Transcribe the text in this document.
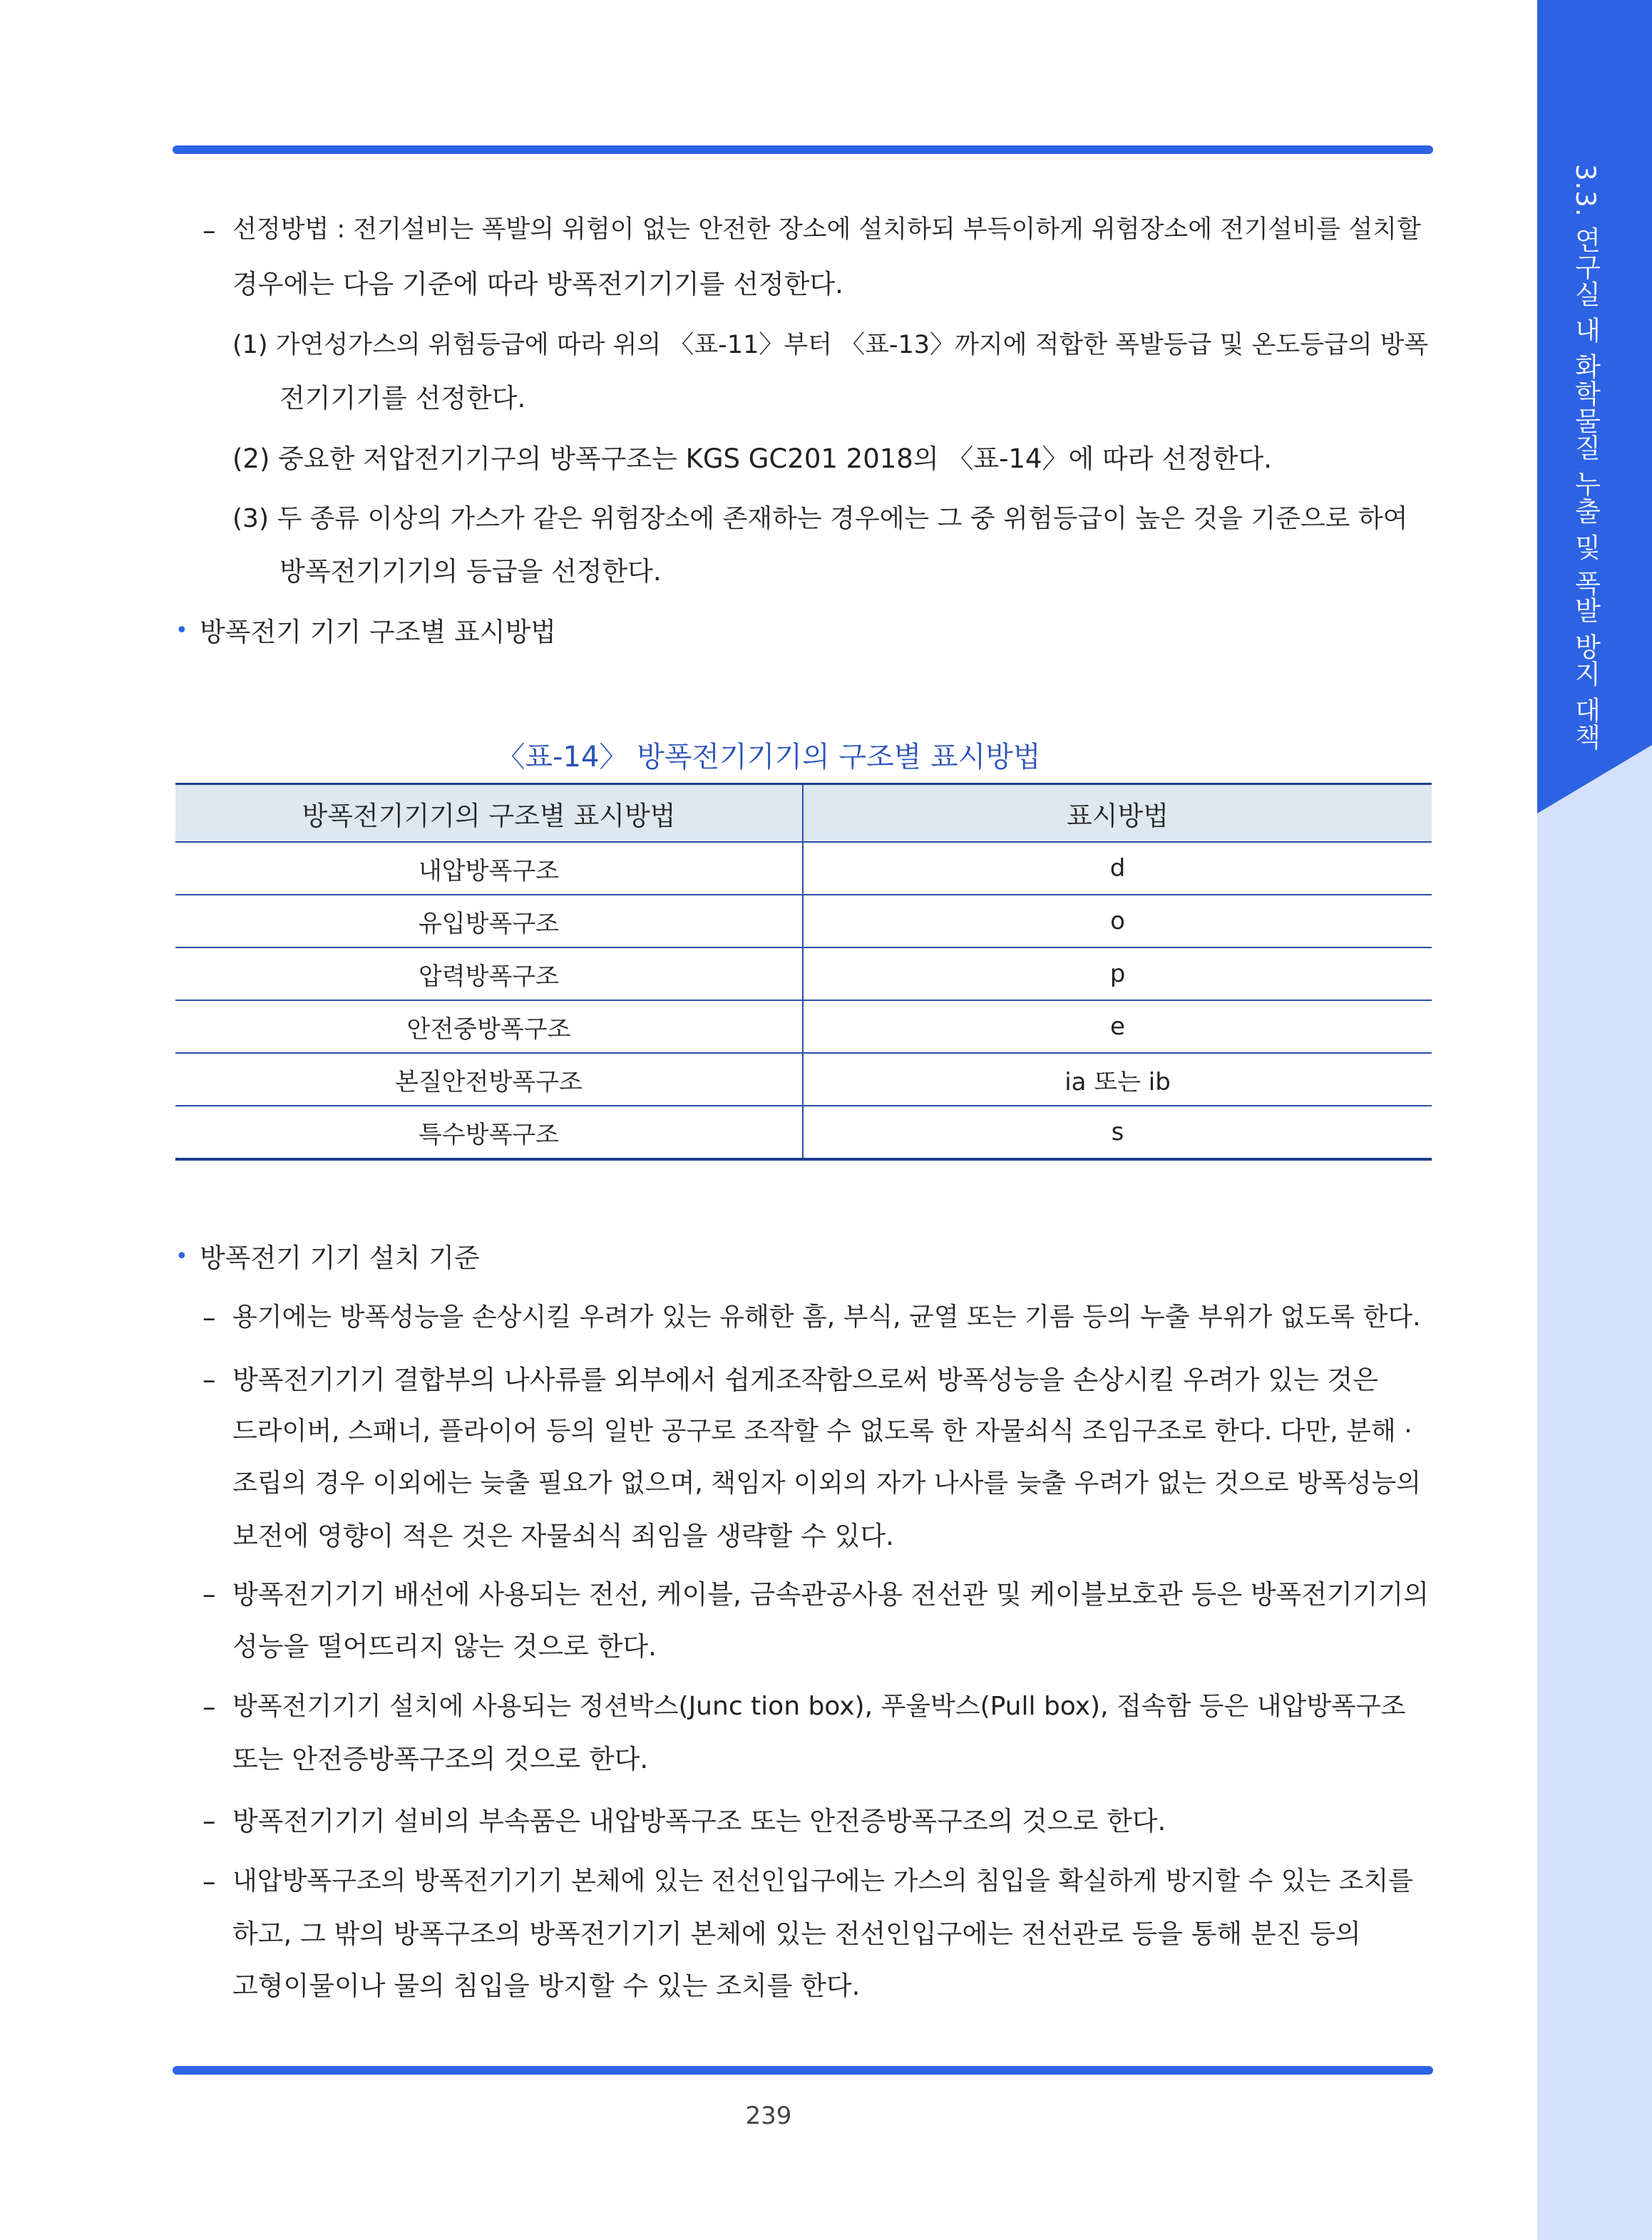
3.3. 연구실 내 화학물질 누출 및 폭발 방지 대책
– 선정방법 : 전기설비는 폭발의 위험이 없는 안전한 장소에 설치하되 부득이하게 위험장소에 전기설비를 설치할
경우에는 다음 기준에 따라 방폭전기기기를 선정한다.
(1) 가연성가스의 위험등급에 따라 위의 〈표-11〉부터 〈표-13〉까지에 적합한 폭발등급 및 온도등급의 방폭
전기기기를 선정한다.
(2) 중요한 저압전기기구의 방폭구조는 KGS GC201 2018의 〈표-14〉에 따라 선정한다.
(3) 두 종류 이상의 가스가 같은 위험장소에 존재하는 경우에는 그 중 위험등급이 높은 것을 기준으로 하여
방폭전기기기의 등급을 선정한다.
• 방폭전기 기기 구조별 표시방법
〈표-14〉 방폭전기기기의 구조별 표시방법
방폭전기기기의 구조별 표시방법	표시방법
내압방폭구조	d
유입방폭구조	o
압력방폭구조	p
안전중방폭구조	e
본질안전방폭구조	ia 또는 ib
특수방폭구조	s
• 방폭전기 기기 설치 기준
– 용기에는 방폭성능을 손상시킬 우려가 있는 유해한 흠, 부식, 균열 또는 기름 등의 누출 부위가 없도록 한다.
– 방폭전기기기 결합부의 나사류를 외부에서 쉽게조작함으로써 방폭성능을 손상시킬 우려가 있는 것은
드라이버, 스패너, 플라이어 등의 일반 공구로 조작할 수 없도록 한 자물쇠식 조임구조로 한다. 다만, 분해 ·
조립의 경우 이외에는 늦출 필요가 없으며, 책임자 이외의 자가 나사를 늦출 우려가 없는 것으로 방폭성능의
보전에 영향이 적은 것은 자물쇠식 죄임을 생략할 수 있다.
– 방폭전기기기 배선에 사용되는 전선, 케이블, 금속관공사용 전선관 및 케이블보호관 등은 방폭전기기기의
성능을 떨어뜨리지 않는 것으로 한다.
– 방폭전기기기 설치에 사용되는 정션박스(Junc tion box), 푸울박스(Pull box), 접속함 등은 내압방폭구조
또는 안전증방폭구조의 것으로 한다.
– 방폭전기기기 설비의 부속품은 내압방폭구조 또는 안전증방폭구조의 것으로 한다.
– 내압방폭구조의 방폭전기기기 본체에 있는 전선인입구에는 가스의 침입을 확실하게 방지할 수 있는 조치를
하고, 그 밖의 방폭구조의 방폭전기기기 본체에 있는 전선인입구에는 전선관로 등을 통해 분진 등의
고형이물이나 물의 침입을 방지할 수 있는 조치를 한다.
239
